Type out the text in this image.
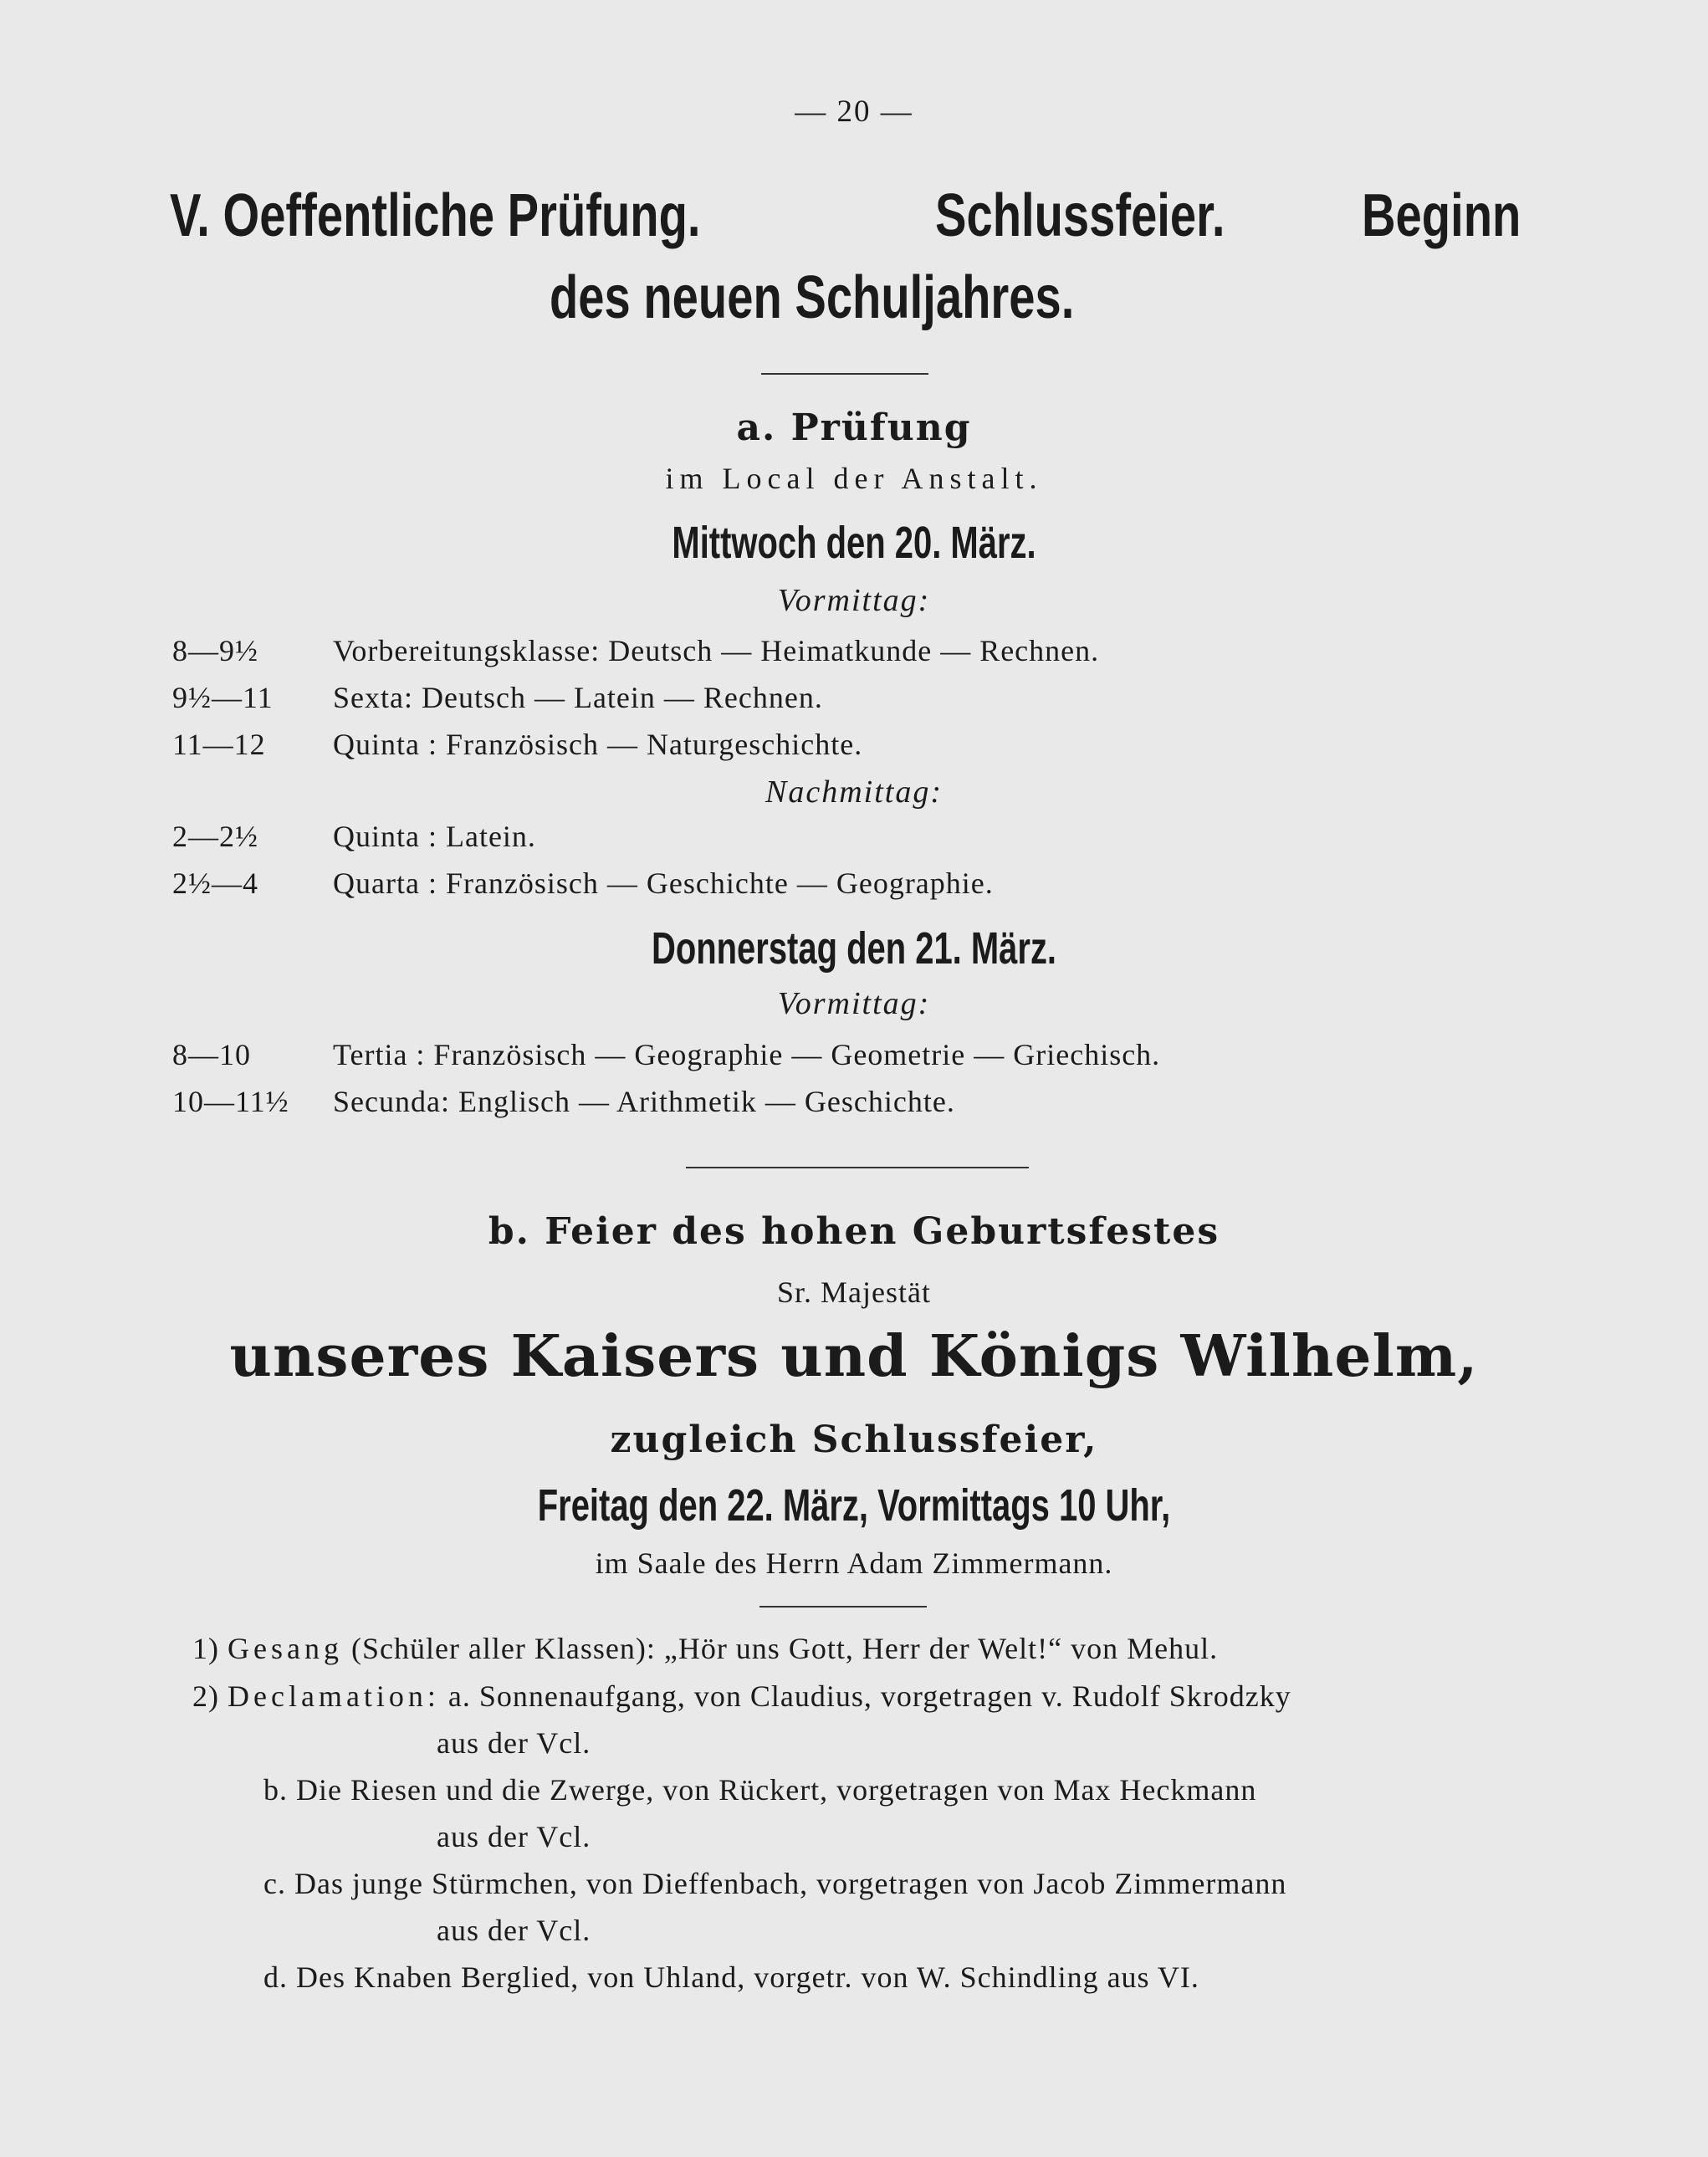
— 20 —
V. Oeffentliche Prüfung.	Schlussfeier. Beginn
des neuen Schuljahres.
a. Prüfung
im Local der Anstalt.
Mittwoch den 20. März.
Vormittag:
8—9½ Vorbereitungsklasse: Deutsch — Heimatkunde — Rechnen.
9½—11 Sexta: Deutsch — Latein — Rechnen.
11—12 Quinta : Französisch — Naturgeschichte.
Nachmittag:
2—2½ Quinta : Latein.
2½—4 Quarta : Französisch — Geschichte — Geographie.
Donnerstag den 21. März.
Vormittag:
8—10	Tertia : Französisch — Geographie — Geometrie — Griechisch.
10—11½ Secunda: Englisch — Arithmetik — Geschichte.
b. Feier des hohen Geburtsfestes
Sr. Majestät
unseres Kaisers und Königs Wilhelm,
zugleich Schlussfeier,
Freitag den 22. März, Vormittags 10 Uhr,
im Saale des Herrn Adam Zimmermann.
1) Gesang (Schüler aller Klassen): „Hör uns Gott, Herr der Welt!“ von Mehul.
2) Declamation: a. Sonnenaufgang, von Claudius, vorgetragen v. Rudolf Skrodzky
aus der Vcl.
b. Die Riesen und die Zwerge, von Rückert, vorgetragen von Max Heckmann
aus der Vcl.
c. Das junge Stürmchen, von Dieffenbach, vorgetragen von Jacob Zimmermann
aus der Vcl.
d. Des Knaben Berglied, von Uhland, vorgetr. von W. Schindling aus VI.
